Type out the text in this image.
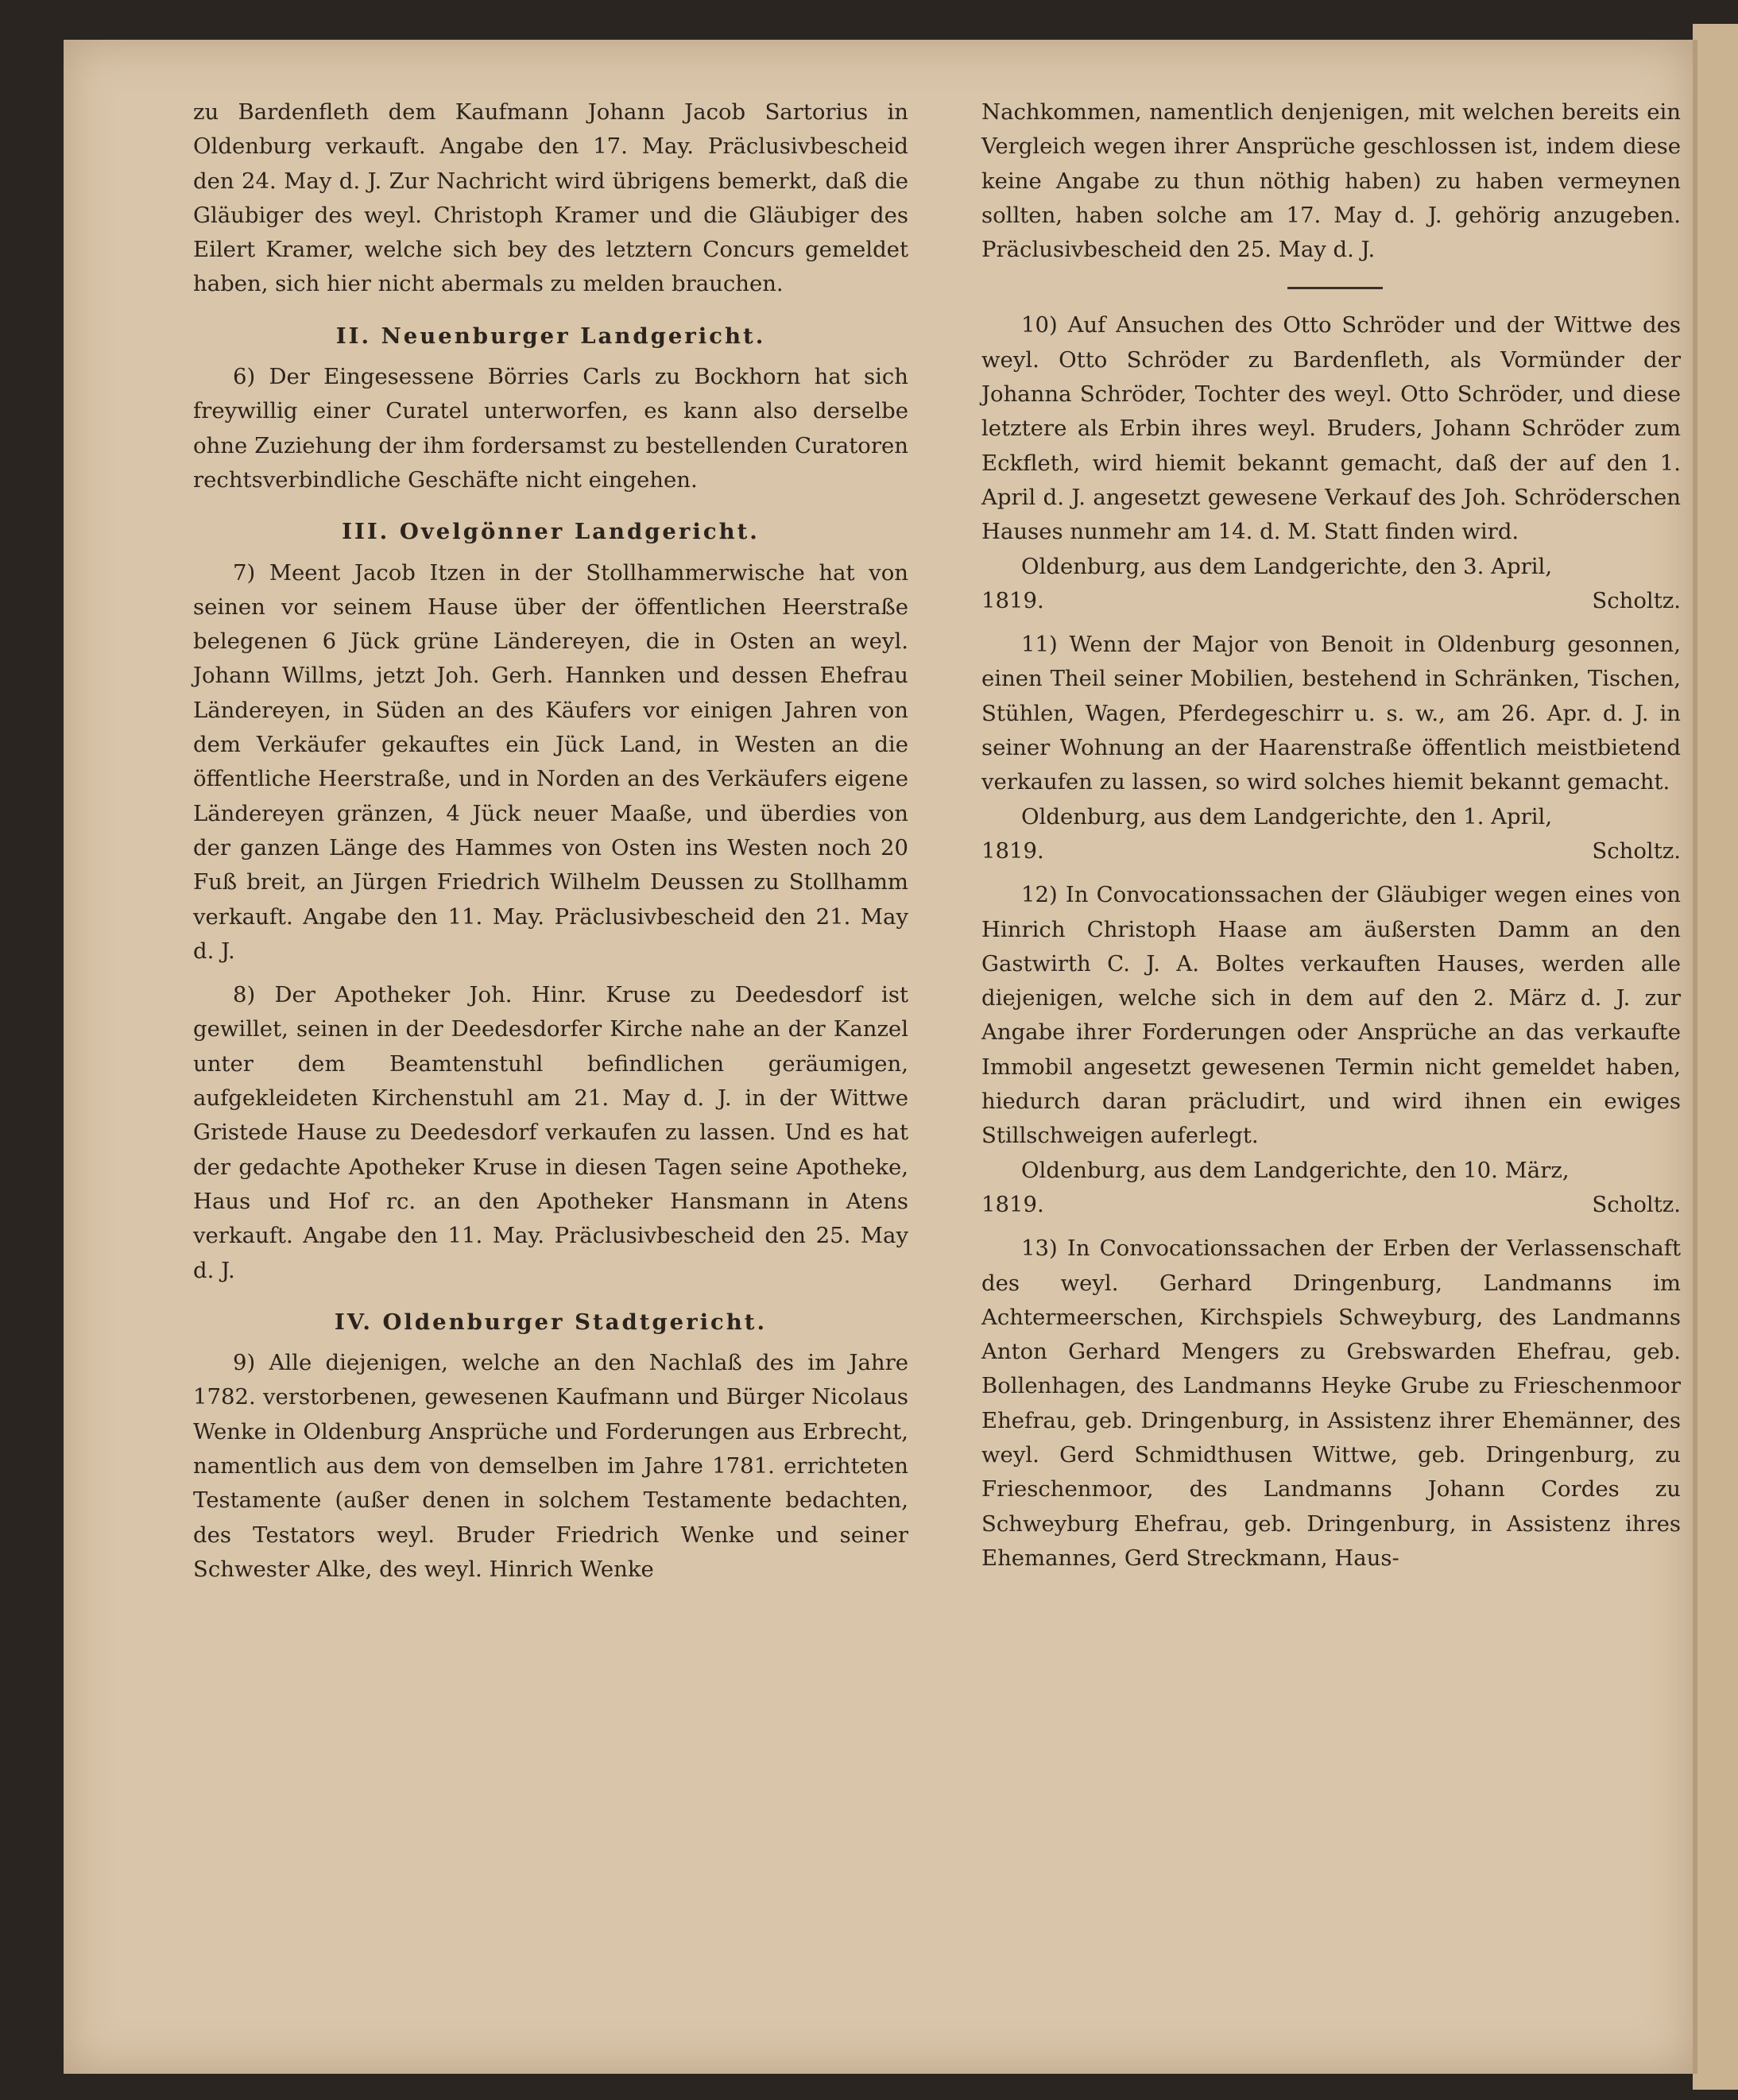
zu Bardenfleth dem Kaufmann Johann Jacob Sartorius in Oldenburg verkauft. Angabe den 17. May. Präclusivbescheid den 24. May d. J. Zur Nachricht wird übrigens bemerkt, daß die Gläubiger des weyl. Christoph Kramer und die Gläubiger des Eilert Kramer, welche sich bey des letztern Concurs gemeldet haben, sich hier nicht abermals zu melden brauchen.

II. Neuenburger Landgericht.

6) Der Eingesessene Börries Carls zu Bockhorn hat sich freywillig einer Curatel unterworfen, es kann also derselbe ohne Zuziehung der ihm fordersamst zu bestellenden Curatoren rechtsverbindliche Geschäfte nicht eingehen.

III. Ovelgönner Landgericht.

7) Meent Jacob Itzen in der Stollhammerwische hat von seinen vor seinem Hause über der öffentlichen Heerstraße belegenen 6 Jück grüne Ländereyen, die in Osten an weyl. Johann Willms, jetzt Joh. Gerh. Hannken und dessen Ehefrau Ländereyen, in Süden an des Käufers vor einigen Jahren von dem Verkäufer gekauftes ein Jück Land, in Westen an die öffentliche Heerstraße, und in Norden an des Verkäufers eigene Ländereyen gränzen, 4 Jück neuer Maaße, und überdies von der ganzen Länge des Hammes von Osten ins Westen noch 20 Fuß breit, an Jürgen Friedrich Wilhelm Deussen zu Stollhamm verkauft. Angabe den 11. May. Präclusivbescheid den 21. May d. J.

8) Der Apotheker Joh. Hinr. Kruse zu Deedesdorf ist gewillet, seinen in der Deedesdorfer Kirche nahe an der Kanzel unter dem Beamtenstuhl befindlichen geräumigen, aufgekleideten Kirchenstuhl am 21. May d. J. in der Wittwe Gristede Hause zu Deedesdorf verkaufen zu lassen. Und es hat der gedachte Apotheker Kruse in diesen Tagen seine Apotheke, Haus und Hof rc. an den Apotheker Hansmann in Atens verkauft. Angabe den 11. May. Präclusivbescheid den 25. May d. J.

IV. Oldenburger Stadtgericht.

9) Alle diejenigen, welche an den Nachlaß des im Jahre 1782. verstorbenen, gewesenen Kaufmann und Bürger Nicolaus Wenke in Oldenburg Ansprüche und Forderungen aus Erbrecht, namentlich aus dem von demselben im Jahre 1781. errichteten Testamente (außer denen in solchem Testamente bedachten, des Testators weyl. Bruder Friedrich Wenke und seiner Schwester Alke, des weyl. Hinrich Wenke

Nachkommen, namentlich denjenigen, mit welchen bereits ein Vergleich wegen ihrer Ansprüche geschlossen ist, indem diese keine Angabe zu thun nöthig haben) zu haben vermeynen sollten, haben solche am 17. May d. J. gehörig anzugeben. Präclusivbescheid den 25. May d. J.

10) Auf Ansuchen des Otto Schröder und der Wittwe des weyl. Otto Schröder zu Bardenfleth, als Vormünder der Johanna Schröder, Tochter des weyl. Otto Schröder, und diese letztere als Erbin ihres weyl. Bruders, Johann Schröder zum Eckfleth, wird hiemit bekannt gemacht, daß der auf den 1. April d. J. angesetzt gewesene Verkauf des Joh. Schröderschen Hauses nunmehr am 14. d. M. Statt finden wird.

Oldenburg, aus dem Landgerichte, den 3. April,

1819.	Scholtz.

11) Wenn der Major von Benoit in Oldenburg gesonnen, einen Theil seiner Mobilien, bestehend in Schränken, Tischen, Stühlen, Wagen, Pferdegeschirr u. s. w., am 26. Apr. d. J. in seiner Wohnung an der Haarenstraße öffentlich meistbietend verkaufen zu lassen, so wird solches hiemit bekannt gemacht.

Oldenburg, aus dem Landgerichte, den 1. April,

1819.	Scholtz.

12) In Convocationssachen der Gläubiger wegen eines von Hinrich Christoph Haase am äußersten Damm an den Gastwirth C. J. A. Boltes verkauften Hauses, werden alle diejenigen, welche sich in dem auf den 2. März d. J. zur Angabe ihrer Forderungen oder Ansprüche an das verkaufte Immobil angesetzt gewesenen Termin nicht gemeldet haben, hiedurch daran präcludirt, und wird ihnen ein ewiges Stillschweigen auferlegt.

Oldenburg, aus dem Landgerichte, den 10. März,

1819.	Scholtz.

13) In Convocationssachen der Erben der Verlassenschaft des weyl. Gerhard Dringenburg, Landmanns im Achtermeerschen, Kirchspiels Schweyburg, des Landmanns Anton Gerhard Mengers zu Grebswarden Ehefrau, geb. Bollenhagen, des Landmanns Heyke Grube zu Frieschenmoor Ehefrau, geb. Dringenburg, in Assistenz ihrer Ehemänner, des weyl. Gerd Schmidthusen Wittwe, geb. Dringenburg, zu Frieschenmoor, des Landmanns Johann Cordes zu Schweyburg Ehefrau, geb. Dringenburg, in Assistenz ihres Ehemannes, Gerd Streckmann, Haus-
